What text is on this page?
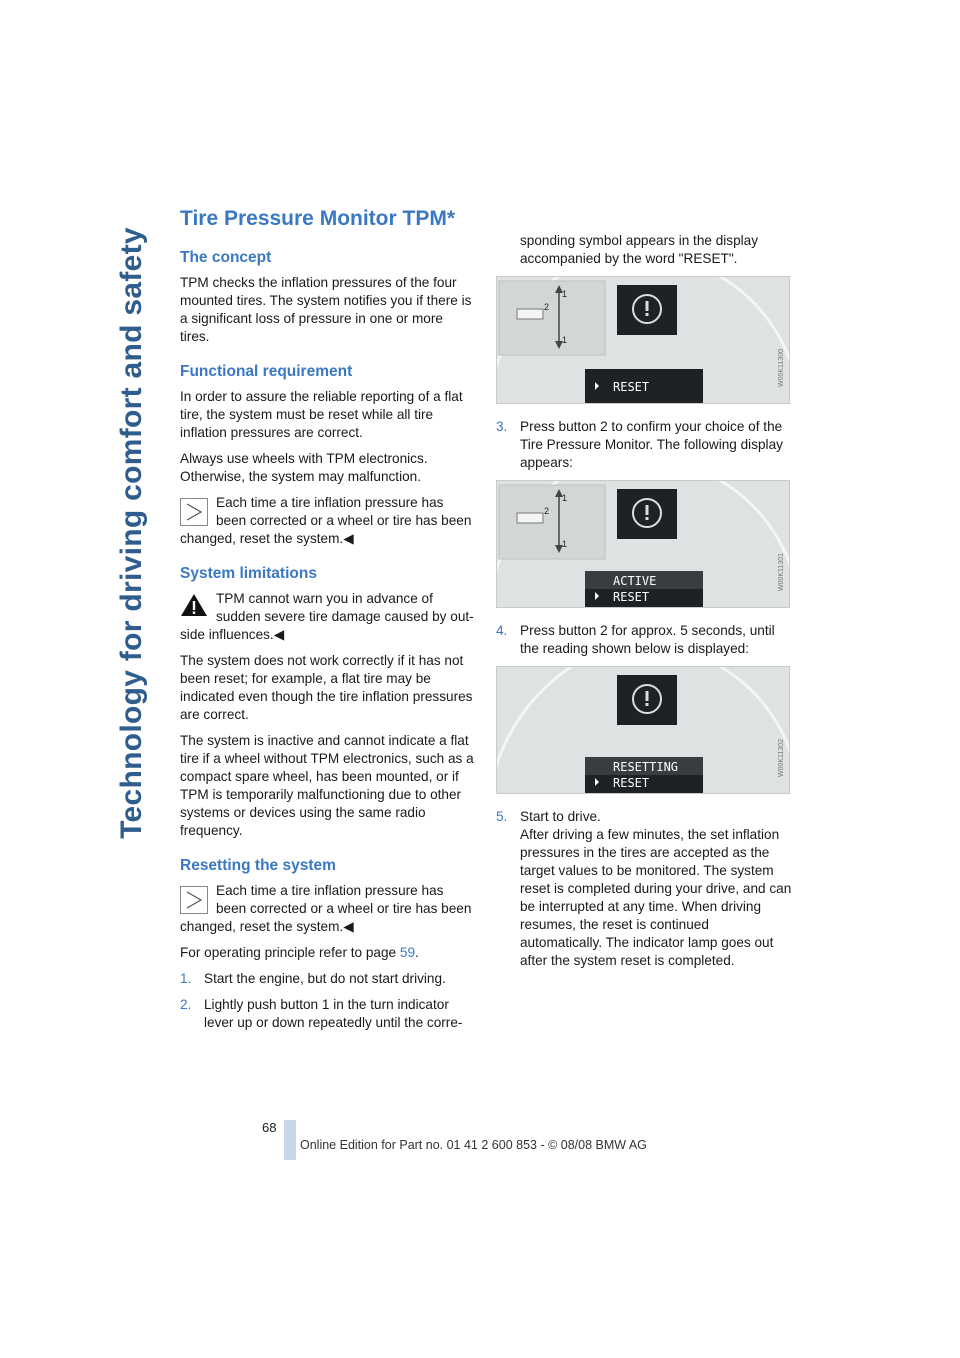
Technology for driving comfort and safety
Tire Pressure Monitor TPM*
The concept

TPM checks the inflation pressures of the four mounted tires. The system notifies you if there is a significant loss of pressure in one or more tires.

Functional requirement

In order to assure the reliable reporting of a flat tire, the system must be reset while all tire inflation pressures are correct.

Always use wheels with TPM electronics. Otherwise, the system may malfunction.

Each time a tire inflation pressure has been corrected or a wheel or tire has been
changed, reset the system.◀
System limitations
TPM cannot warn you in advance of sudden severe tire damage caused by out-
side influences.◀

The system does not work correctly if it has not been reset; for example, a flat tire may be indicated even though the tire inflation pressures are correct.

The system is inactive and cannot indicate a flat tire if a wheel without TPM electronics, such as a compact spare wheel, has been mounted, or if TPM is temporarily malfunctioning due to other systems or devices using the same radio frequency.

Resetting the system
Each time a tire inflation pressure has been corrected or a wheel or tire has been
changed, reset the system.◀

For operating principle refer to page 59.

1. Start the engine, but do not start driving.
2. Lightly push button 1 in the turn indicator lever up or down repeatedly until the corre-

sponding symbol appears in the display accompanied by the word "RESET".

1
1
2
RESET	W00K11300
3. Press button 2 to confirm your choice of the Tire Pressure Monitor. The following display appears:
1
1
2
ACTIVE
RESET
W00K11301
4. Press button 2 for approx. 5 seconds, until the reading shown below is displayed:
RESETTING
RESET
W00K11302
5. Start to drive.
After driving a few minutes, the set inflation pressures in the tires are accepted as the target values to be monitored. The system reset is completed during your drive, and can be interrupted at any time. When driving resumes, the reset is continued automatically. The indicator lamp goes out after the system reset is completed.
68
Online Edition for Part no. 01 41 2 600 853 - © 08/08 BMW AG
